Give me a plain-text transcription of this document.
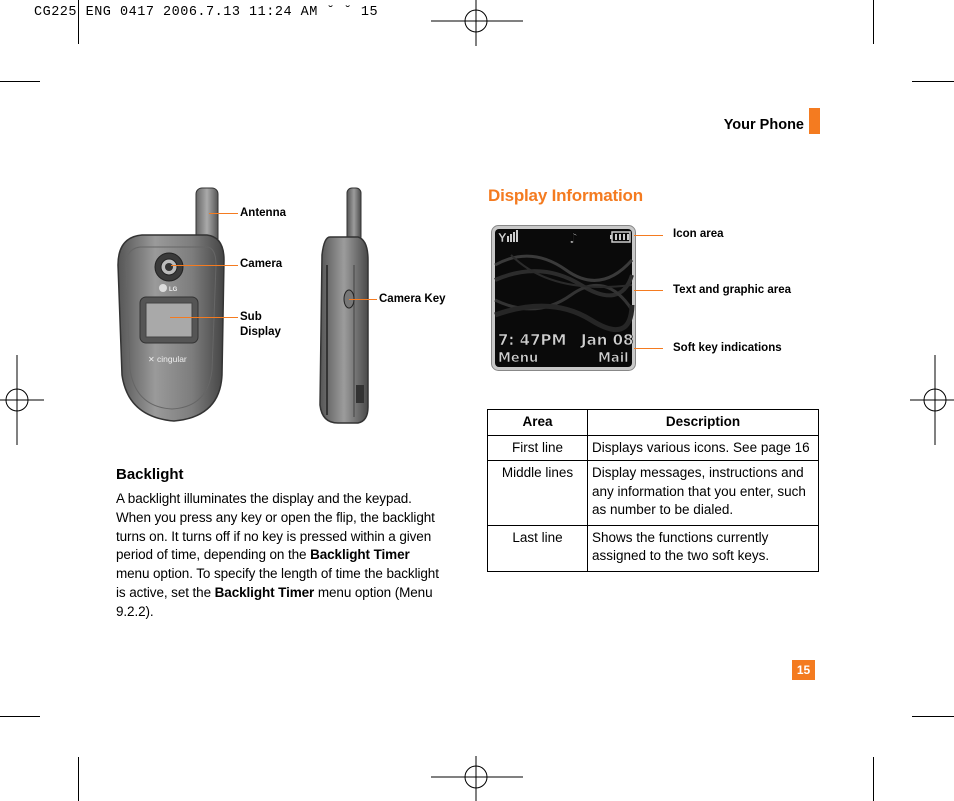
CG225 ENG 0417 2006.7.13 11:24 AM ˘ ˘ 15
Your Phone
LG
✕ cingular
Antenna
Camera
Sub Display
Camera Key
Display Information
Y	♪
7: 47PM Jan 08
Menu	Mail
Icon area
Text and graphic area
Soft key indications
Backlight
A backlight illuminates the display and the keypad. When you press any key or open the flip, the backlight turns on. It turns off if no key is pressed within a given period of time, depending on the Backlight Timer menu option. To specify the length of time the backlight is active, set the Backlight Timer menu option (Menu 9.2.2).
Area	Description
First line	Displays various icons. See page 16
Middle lines	Display messages, instructions and any information that you enter, such as number to be dialed.
Last line	Shows the functions currently assigned to the two soft keys.
15
